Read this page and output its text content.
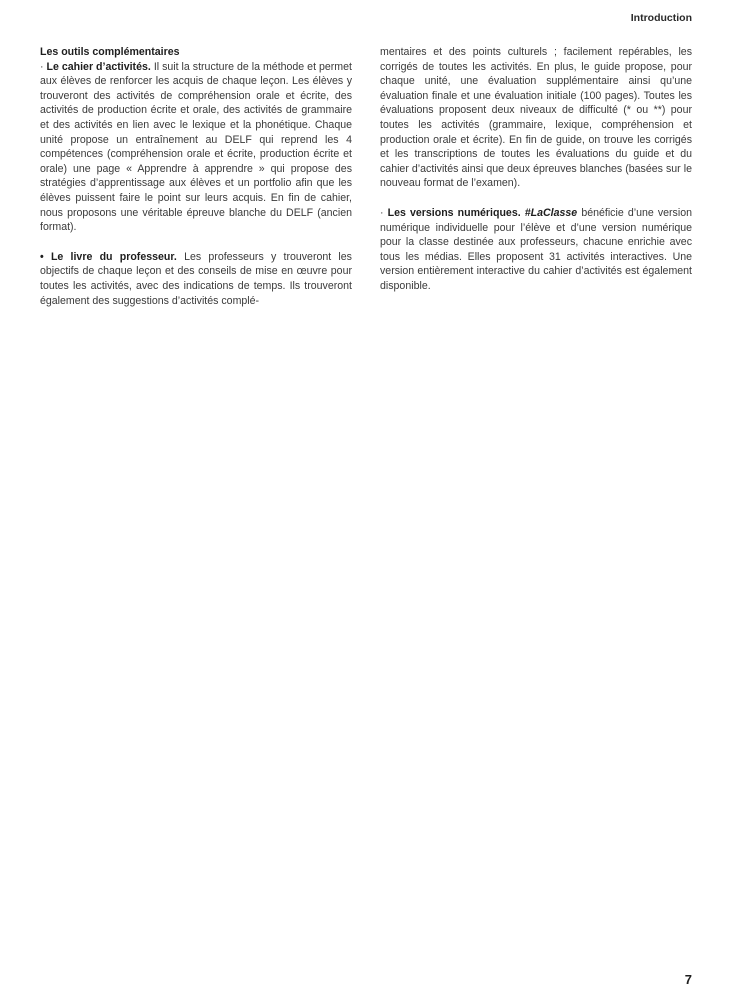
Introduction

Les outils complémentaires

· Le cahier d’activités. Il suit la structure de la méthode et permet aux élèves de renforcer les acquis de chaque leçon. Les élèves y trouveront des activités de compréhension orale et écrite, des activités de production écrite et orale, des activités de grammaire et des activités en lien avec le lexique et la phonétique. Chaque unité propose un entraînement au DELF qui reprend les 4 compétences (compréhension orale et écrite, production écrite et orale) une page « Apprendre à apprendre » qui propose des stratégies d’apprentissage aux élèves et un portfolio afin que les élèves puissent faire le point sur leurs acquis. En fin de cahier, nous proposons une véritable épreuve blanche du DELF (ancien format).

• Le livre du professeur. Les professeurs y trouveront les objectifs de chaque leçon et des conseils de mise en œuvre pour toutes les activités, avec des indications de temps. Ils trouveront également des suggestions d’activités complé-

mentaires et des points culturels ; facilement repérables, les corrigés de toutes les activités. En plus, le guide propose, pour chaque unité, une évaluation supplémentaire ainsi qu’une évaluation finale et une évaluation initiale (100 pages). Toutes les évaluations proposent deux niveaux de difficulté (* ou **) pour toutes les activités (grammaire, lexique, compréhension et production orale et écrite). En fin de guide, on trouve les corrigés et les transcriptions de toutes les évaluations du guide et du cahier d’activités ainsi que deux épreuves blanches (basées sur le nouveau format de l’examen).

· Les versions numériques. #LaClasse bénéficie d’une version numérique individuelle pour l’élève et d’une version numérique pour la classe destinée aux professeurs, chacune enrichie avec tous les médias. Elles proposent 31 activités interactives. Une version entièrement interactive du cahier d’activités est également disponible.

7
